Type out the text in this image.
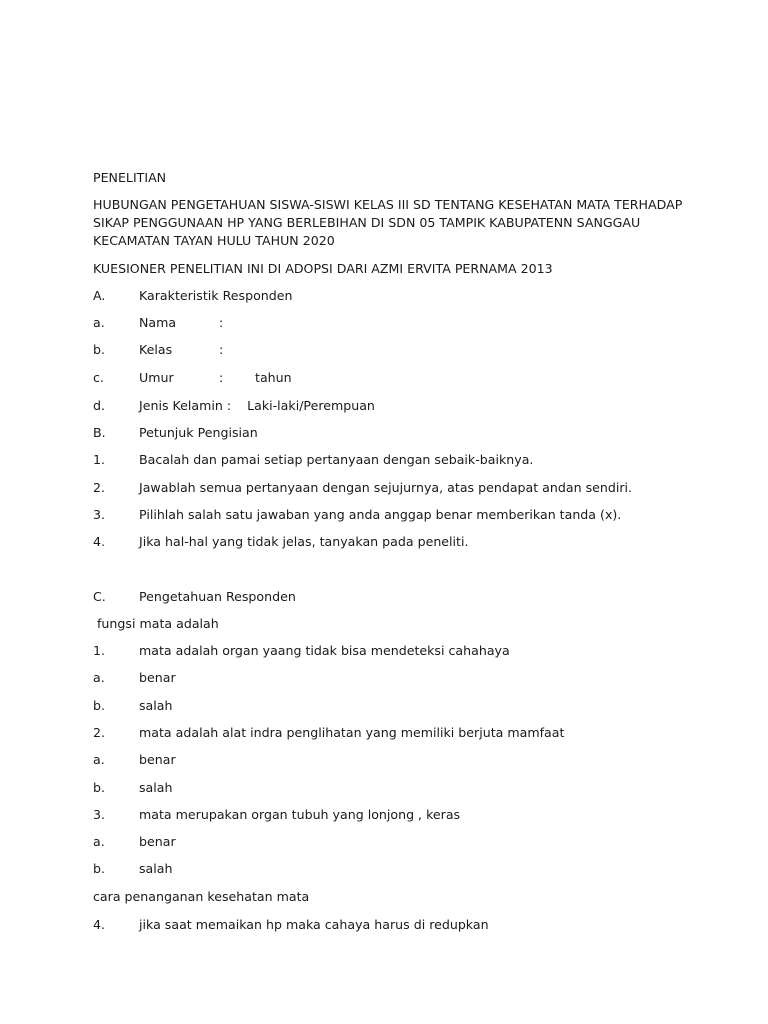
PENELITIAN
HUBUNGAN PENGETAHUAN SISWA-SISWI KELAS III SD TENTANG KESEHATAN MATA TERHADAP
SIKAP PENGGUNAAN HP YANG BERLEBIHAN DI SDN 05 TAMPIK KABUPATENN SANGGAU
KECAMATAN TAYAN HULU TAHUN 2020
KUESIONER PENELITIAN INI DI ADOPSI DARI AZMI ERVITA PERNAMA 2013
A.	Karakteristik Responden
a.	Nama	:
b.	Kelas	:
c.	Umur	:	tahun
d.	Jenis Kelamin :    Laki-laki/Perempuan
B.	Petunjuk Pengisian
1.	Bacalah dan pamai setiap pertanyaan dengan sebaik-baiknya.
2.	Jawablah semua pertanyaan dengan sejujurnya, atas pendapat andan sendiri.
3.	Pilihlah salah satu jawaban yang anda anggap benar memberikan tanda (x).
4.	Jika hal-hal yang tidak jelas, tanyakan pada peneliti.
C.	Pengetahuan Responden
fungsi mata adalah
1.	mata adalah organ yaang tidak bisa mendeteksi cahahaya
a.	benar
b.	salah
2.	mata adalah alat indra penglihatan yang memiliki berjuta mamfaat
a.	benar
b.	salah
3.	mata merupakan organ tubuh yang lonjong , keras
a.	benar
b.	salah
cara penanganan kesehatan mata
4.	jika saat memaikan hp maka cahaya harus di redupkan
